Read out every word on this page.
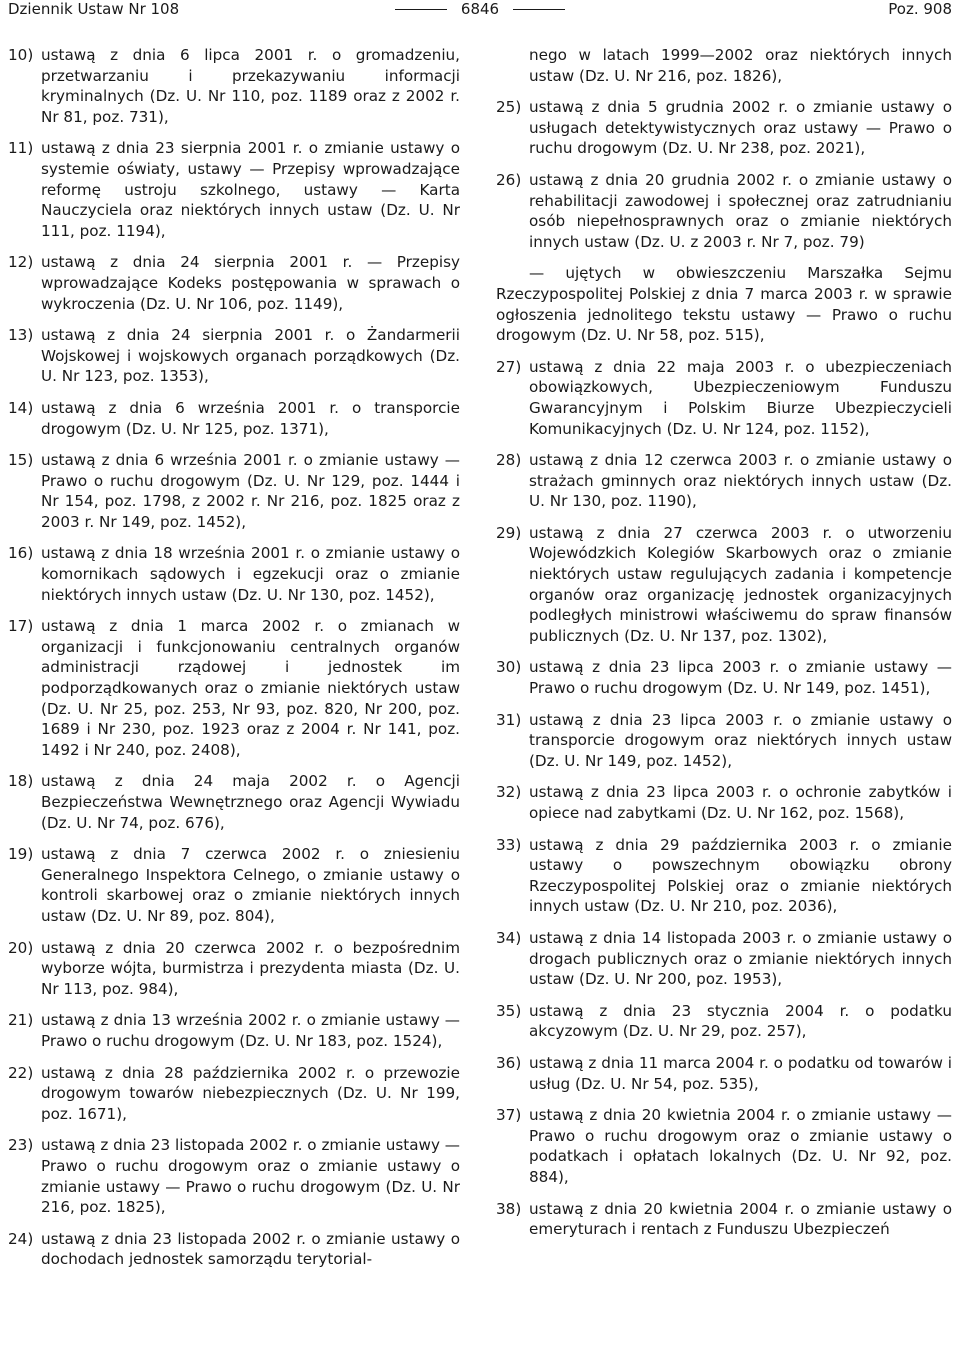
Dziennik Ustaw Nr 108	6846	Poz. 908
10) ustawą z dnia 6 lipca 2001 r. o gromadzeniu, przetwarzaniu i przekazywaniu informacji kryminalnych (Dz. U. Nr 110, poz. 1189 oraz z 2002 r. Nr 81, poz. 731),
11) ustawą z dnia 23 sierpnia 2001 r. o zmianie ustawy o systemie oświaty, ustawy — Przepisy wprowadzające reformę ustroju szkolnego, ustawy — Karta Nauczyciela oraz niektórych innych ustaw (Dz. U. Nr 111, poz. 1194),
12) ustawą z dnia 24 sierpnia 2001 r. — Przepisy wprowadzające Kodeks postępowania w sprawach o wykroczenia (Dz. U. Nr 106, poz. 1149),
13) ustawą z dnia 24 sierpnia 2001 r. o Żandarmerii Wojskowej i wojskowych organach porządkowych (Dz. U. Nr 123, poz. 1353),
14) ustawą z dnia 6 września 2001 r. o transporcie drogowym (Dz. U. Nr 125, poz. 1371),
15) ustawą z dnia 6 września 2001 r. o zmianie ustawy — Prawo o ruchu drogowym (Dz. U. Nr 129, poz. 1444 i Nr 154, poz. 1798, z 2002 r. Nr 216, poz. 1825 oraz z 2003 r. Nr 149, poz. 1452),
16) ustawą z dnia 18 września 2001 r. o zmianie ustawy o komornikach sądowych i egzekucji oraz o zmianie niektórych innych ustaw (Dz. U. Nr 130, poz. 1452),
17) ustawą z dnia 1 marca 2002 r. o zmianach w organizacji i funkcjonowaniu centralnych organów administracji rządowej i jednostek im podporządkowanych oraz o zmianie niektórych ustaw (Dz. U. Nr 25, poz. 253, Nr 93, poz. 820, Nr 200, poz. 1689 i Nr 230, poz. 1923 oraz z 2004 r. Nr 141, poz. 1492 i Nr 240, poz. 2408),
18) ustawą z dnia 24 maja 2002 r. o Agencji Bezpieczeństwa Wewnętrznego oraz Agencji Wywiadu (Dz. U. Nr 74, poz. 676),
19) ustawą z dnia 7 czerwca 2002 r. o zniesieniu Generalnego Inspektora Celnego, o zmianie ustawy o kontroli skarbowej oraz o zmianie niektórych innych ustaw (Dz. U. Nr 89, poz. 804),
20) ustawą z dnia 20 czerwca 2002 r. o bezpośrednim wyborze wójta, burmistrza i prezydenta miasta (Dz. U. Nr 113, poz. 984),
21) ustawą z dnia 13 września 2002 r. o zmianie ustawy — Prawo o ruchu drogowym (Dz. U. Nr 183, poz. 1524),
22) ustawą z dnia 28 października 2002 r. o przewozie drogowym towarów niebezpiecznych (Dz. U. Nr 199, poz. 1671),
23) ustawą z dnia 23 listopada 2002 r. o zmianie ustawy — Prawo o ruchu drogowym oraz o zmianie ustawy o zmianie ustawy — Prawo o ruchu drogowym (Dz. U. Nr 216, poz. 1825),
24) ustawą z dnia 23 listopada 2002 r. o zmianie ustawy o dochodach jednostek samorządu terytorial-
nego w latach 1999—2002 oraz niektórych innych ustaw (Dz. U. Nr 216, poz. 1826),
25) ustawą z dnia 5 grudnia 2002 r. o zmianie ustawy o usługach detektywistycznych oraz ustawy — Prawo o ruchu drogowym (Dz. U. Nr 238, poz. 2021),
26) ustawą z dnia 20 grudnia 2002 r. o zmianie ustawy o rehabilitacji zawodowej i społecznej oraz zatrudnianiu osób niepełnosprawnych oraz o zmianie niektórych innych ustaw (Dz. U. z 2003 r. Nr 7, poz. 79)
— ujętych w obwieszczeniu Marszałka Sejmu Rzeczypospolitej Polskiej z dnia 7 marca 2003 r. w sprawie ogłoszenia jednolitego tekstu ustawy — Prawo o ruchu drogowym (Dz. U. Nr 58, poz. 515),
27) ustawą z dnia 22 maja 2003 r. o ubezpieczeniach obowiązkowych, Ubezpieczeniowym Funduszu Gwarancyjnym i Polskim Biurze Ubezpieczycieli Komunikacyjnych (Dz. U. Nr 124, poz. 1152),
28) ustawą z dnia 12 czerwca 2003 r. o zmianie ustawy o strażach gminnych oraz niektórych innych ustaw (Dz. U. Nr 130, poz. 1190),
29) ustawą z dnia 27 czerwca 2003 r. o utworzeniu Wojewódzkich Kolegiów Skarbowych oraz o zmianie niektórych ustaw regulujących zadania i kompetencje organów oraz organizację jednostek organizacyjnych podległych ministrowi właściwemu do spraw finansów publicznych (Dz. U. Nr 137, poz. 1302),
30) ustawą z dnia 23 lipca 2003 r. o zmianie ustawy — Prawo o ruchu drogowym (Dz. U. Nr 149, poz. 1451),
31) ustawą z dnia 23 lipca 2003 r. o zmianie ustawy o transporcie drogowym oraz niektórych innych ustaw (Dz. U. Nr 149, poz. 1452),
32) ustawą z dnia 23 lipca 2003 r. o ochronie zabytków i opiece nad zabytkami (Dz. U. Nr 162, poz. 1568),
33) ustawą z dnia 29 października 2003 r. o zmianie ustawy o powszechnym obowiązku obrony Rzeczypospolitej Polskiej oraz o zmianie niektórych innych ustaw (Dz. U. Nr 210, poz. 2036),
34) ustawą z dnia 14 listopada 2003 r. o zmianie ustawy o drogach publicznych oraz o zmianie niektórych innych ustaw (Dz. U. Nr 200, poz. 1953),
35) ustawą z dnia 23 stycznia 2004 r. o podatku akcyzowym (Dz. U. Nr 29, poz. 257),
36) ustawą z dnia 11 marca 2004 r. o podatku od towarów i usług (Dz. U. Nr 54, poz. 535),
37) ustawą z dnia 20 kwietnia 2004 r. o zmianie ustawy — Prawo o ruchu drogowym oraz o zmianie ustawy o podatkach i opłatach lokalnych (Dz. U. Nr 92, poz. 884),
38) ustawą z dnia 20 kwietnia 2004 r. o zmianie ustawy o emeryturach i rentach z Funduszu Ubezpieczeń
